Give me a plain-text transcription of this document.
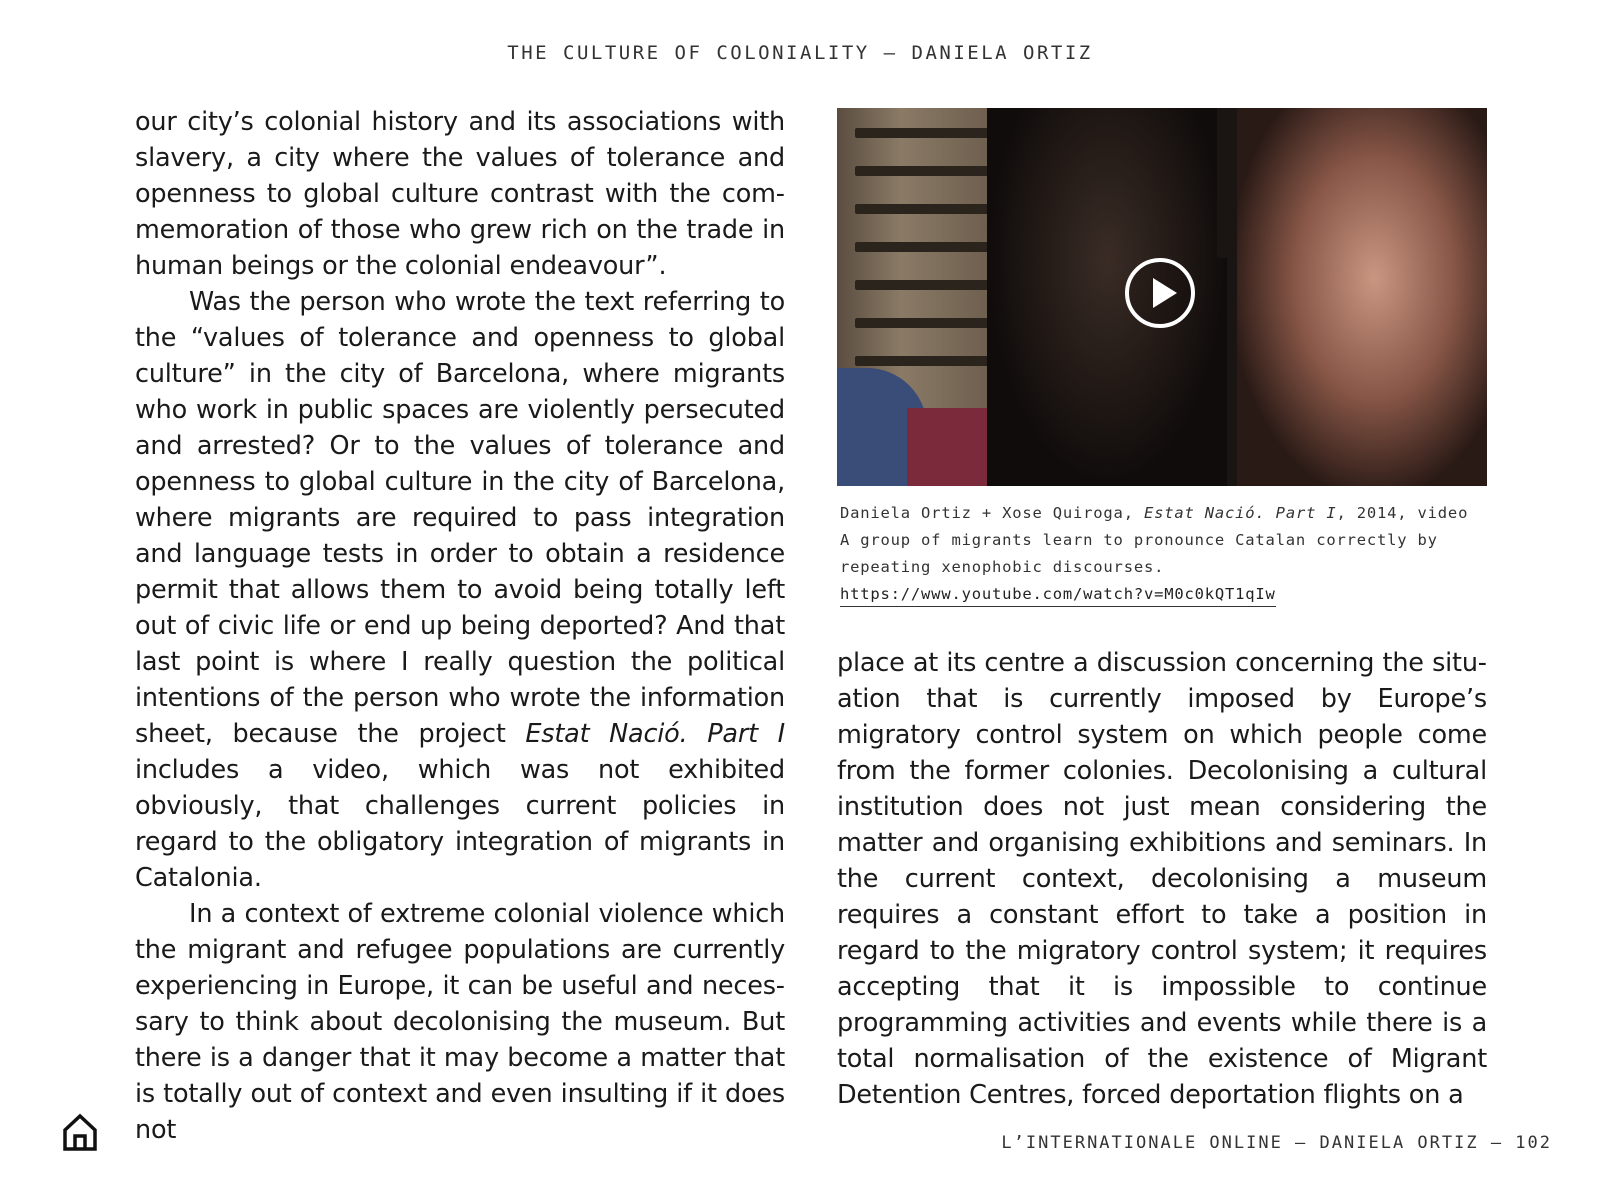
THE CULTURE OF COLONIALITY – DANIELA ORTIZ

our city’s colonial history and its associations with slavery, a city where the values of tolerance and openness to global culture contrast with the commemoration of those who grew rich on the trade in human beings or the colonial endeavour”.

Was the person who wrote the text referring to the “values of tolerance and openness to global culture” in the city of Barcelona, where migrants who work in public spaces are violently persecuted and arrested? Or to the values of tolerance and openness to global culture in the city of Barcelona, where migrants are required to pass integration and language tests in order to obtain a residence permit that allows them to avoid being totally left out of civic life or end up being deported? And that last point is where I really question the political intentions of the person who wrote the information sheet, because the project Estat Nació. Part I includes a video, which was not exhibited obviously, that challenges current policies in regard to the obligatory integration of migrants in Catalonia.

In a context of extreme colonial violence which the migrant and refugee populations are currently experiencing in Europe, it can be useful and necessary to think about decolonising the museum. But there is a danger that it may become a matter that is totally out of context and even insulting if it does not

Daniela Ortiz + Xose Quiroga, Estat Nació. Part I, 2014, video A group of migrants learn to pronounce Catalan correctly by repeating xenophobic discourses.
https://www.youtube.com/watch?v=M0c0kQT1qIw

place at its centre a discussion concerning the situation that is currently imposed by Europe’s migratory control system on which people come from the former colonies. Decolonising a cultural institution does not just mean considering the matter and organising exhibitions and seminars. In the current context, decolonising a museum requires a constant effort to take a position in regard to the migratory control system; it requires accepting that it is impossible to continue programming activities and events while there is a total normalisation of the existence of Migrant Detention Centres, forced deportation flights on a

L’INTERNATIONALE ONLINE – DANIELA ORTIZ – 102
